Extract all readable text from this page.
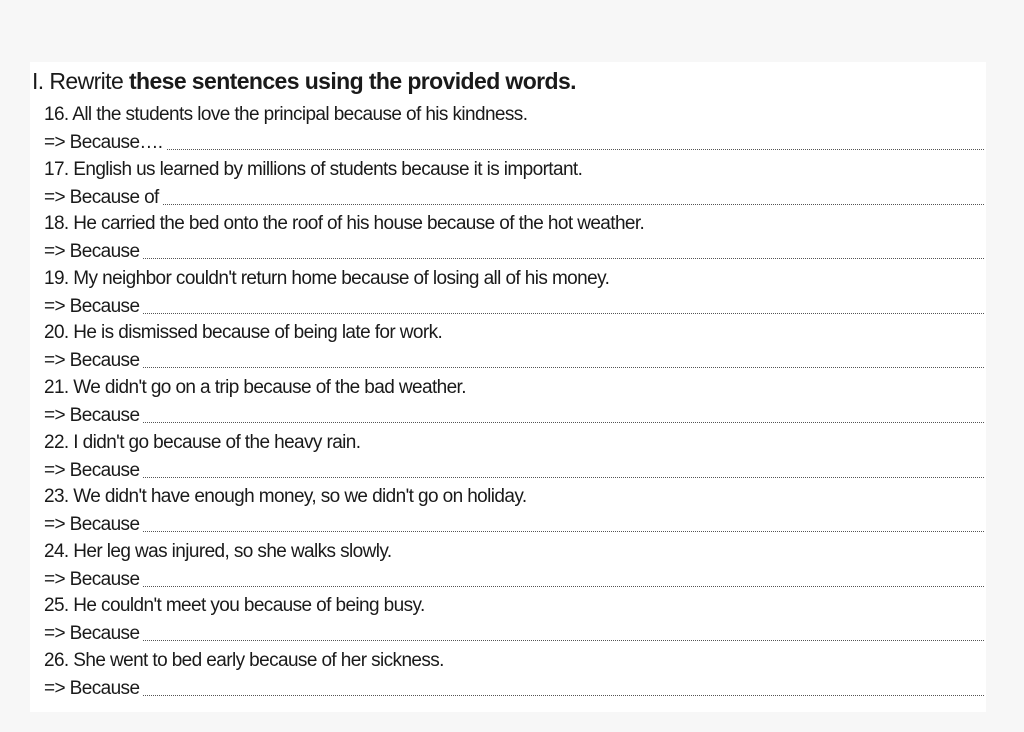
I. Rewrite these sentences using the provided words.
16. All the students love the principal because of his kindness.
=> Because….
17. English us learned by millions of students because it is important.
=> Because of
18. He carried the bed onto the roof of his house because of the hot weather.
=> Because
19. My neighbor couldn't return home because of losing all of his money.
=> Because
20. He is dismissed because of being late for work.
=> Because
21. We didn't go on a trip because of the bad weather.
=> Because
22. I didn't go because of the heavy rain.
=> Because
23. We didn't have enough money, so we didn't go on holiday.
=> Because
24. Her leg was injured, so she walks slowly.
=> Because
25. He couldn't meet you because of being busy.
=> Because
26. She went to bed early because of her sickness.
=> Because
